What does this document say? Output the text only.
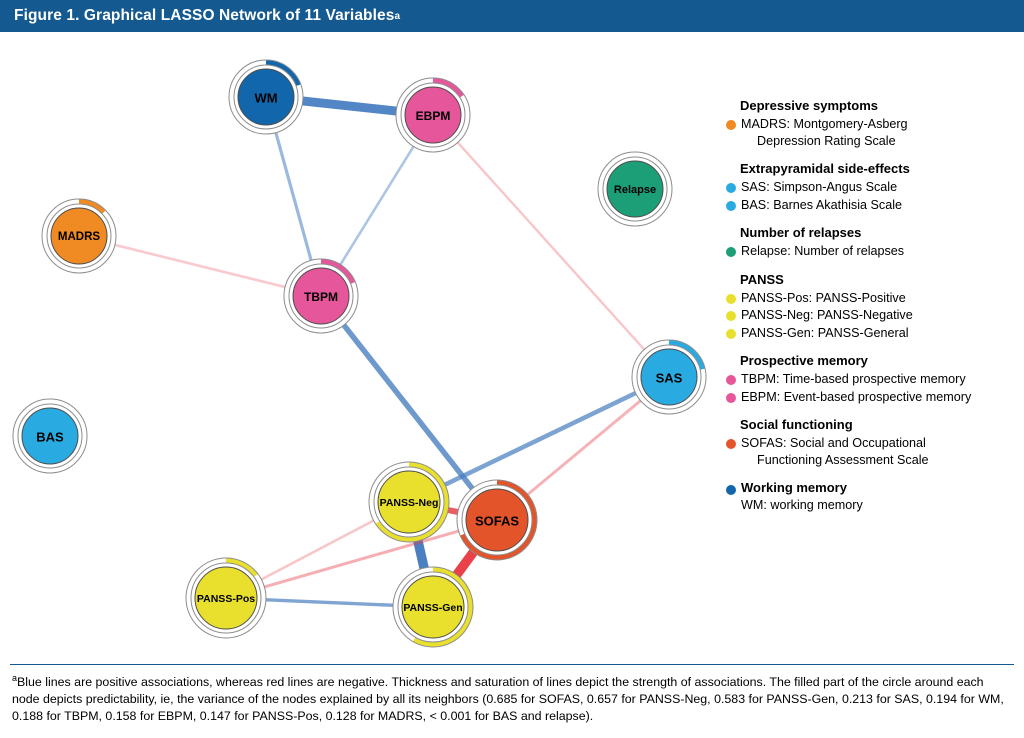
Figure 1. Graphical LASSO Network of 11 Variables a
WM
EBPM
Relapse
MADRS
TBPM
SAS
BAS
PANSS-Neg
SOFAS
PANSS-Gen
PANSS-Pos
Depressive symptoms
MADRS: Montgomery-Asberg
Depression Rating Scale
Extrapyramidal side-effects
SAS: Simpson-Angus Scale
BAS: Barnes Akathisia Scale
Number of relapses
Relapse: Number of relapses
PANSS
PANSS-Pos: PANSS-Positive
PANSS-Neg: PANSS-Negative
PANSS-Gen: PANSS-General
Prospective memory
TBPM: Time-based prospective memory
EBPM: Event-based prospective memory
Social functioning
SOFAS: Social and Occupational
Functioning Assessment Scale
Working memory
WM: working memory
$^a$Blue lines are positive associations, whereas red lines are negative. Thickness and saturation of lines depict the strength of associations. The filled part of the circle around each node depicts predictability, ie, the variance of the nodes explained by all its neighbors (0.685 for SOFAS, 0.657 for PANSS-Neg, 0.583 for PANSS-Gen, 0.213 for SAS, 0.194 for WM, 0.188 for TBPM, 0.158 for EBPM, 0.147 for PANSS-Pos, 0.128 for MADRS, < 0.001 for BAS and relapse).
